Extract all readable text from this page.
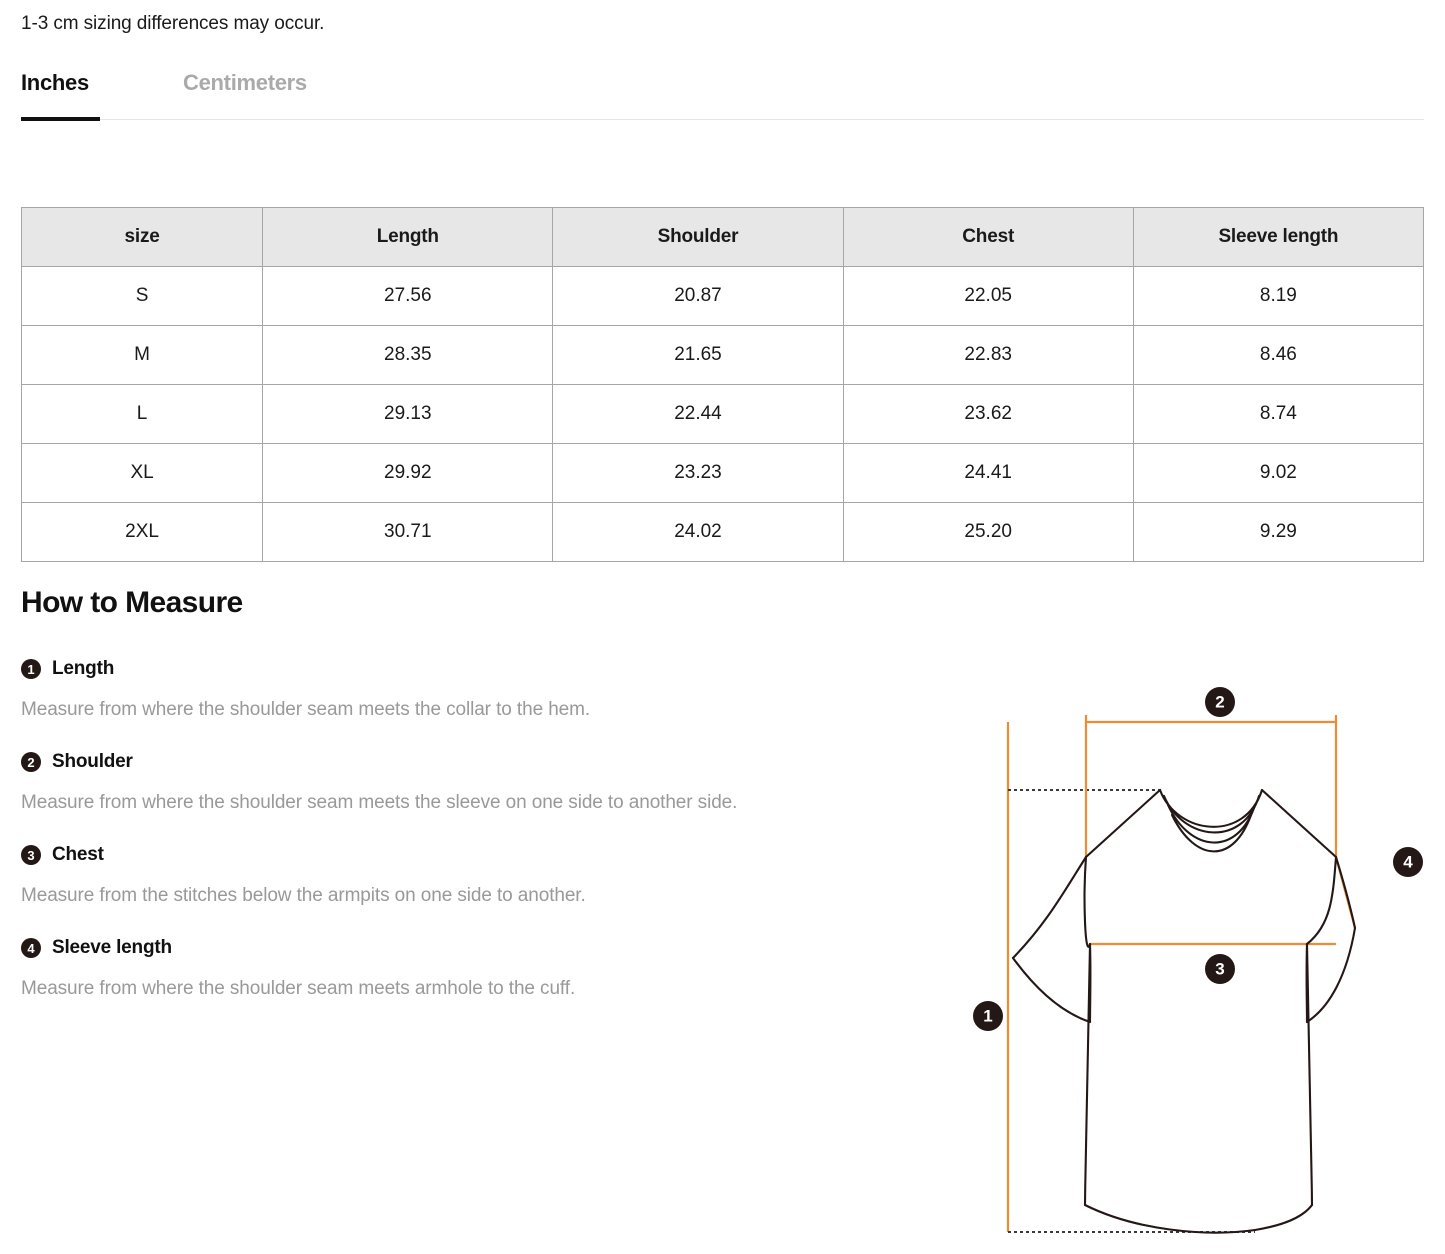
1-3 cm sizing differences may occur.
Inches	Centimeters
size	Length	Shoulder	Chest	Sleeve length
S	27.56	20.87	22.05	8.19
M	28.35	21.65	22.83	8.46
L	29.13	22.44	23.62	8.74
XL	29.92	23.23	24.41	9.02
2XL	30.71	24.02	25.20	9.29
How to Measure
1 Length
Measure from where the shoulder seam meets the collar to the hem.
2 Shoulder
Measure from where the shoulder seam meets the sleeve on one side to another side.
3 Chest
Measure from the stitches below the armpits on one side to another.
4 Sleeve length
Measure from where the shoulder seam meets armhole to the cuff.
1
2
3
4
